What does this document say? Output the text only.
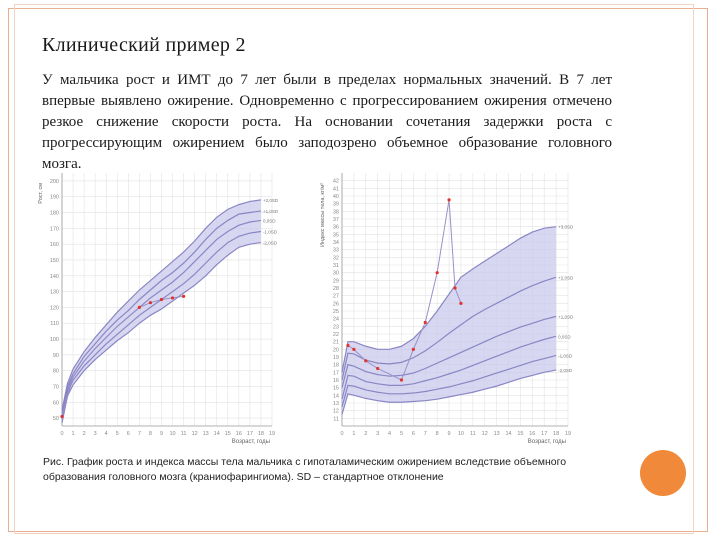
Клинический пример 2

У мальчика рост и ИМТ до 7 лет были в пределах нормальных значений. В 7 лет впервые выявлено ожирение. Одновременно с прогрессированием ожирения отмечено резкое снижение скорости роста. На основании сочетания задержки роста с прогрессирующим ожирением было заподозрено объемное образование головного мозга.

0 1 2 3 4 5 6 7 8 9 10 11 12 13 14 15 16 17 18 19
50
60
70
80
90
100
110
120
130
140
150
160
170
180
190
200
+2,0SD
+1,0SD
0,0SD
-1,0SD
-2,0SD
Рост, см
Возраст, годы
0 1 2 3 4 5 6 7 8 9 10 11 12 13 14 15 16 17 18 19
11
12
13
14
15
16
17
18
19
20
21
22
23
24
25
26
27
28
29
30
31
32
33
34
35
36
37
38
39
40
41
42
+3,0SD
+2,0SD
+1,0SD
0,0SD
-1,0SD
-2,0SD
Индекс массы тела, кг/м²
Возраст, годы

Рис. График роста и индекса массы тела мальчика с гипоталамическим ожирением вследствие объемного образования головного мозга (краниофарингиома). SD – стандартное отклонение
